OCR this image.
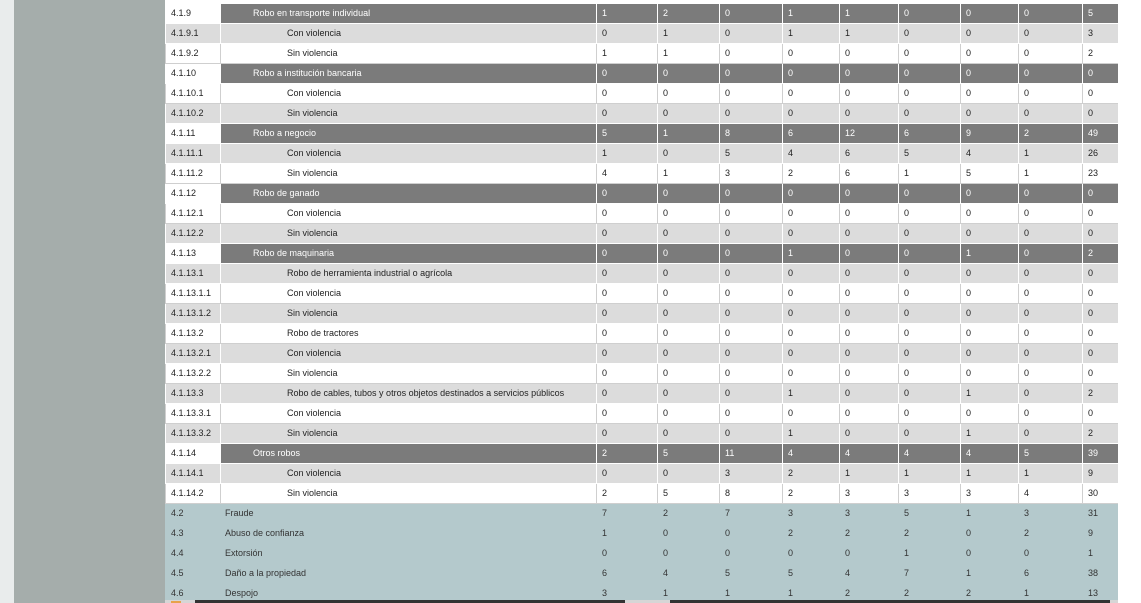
4.1.9	Robo en transporte individual	1	2	0	1	1	0	0	0	5
4.1.9.1	Con violencia	0	1	0	1	1	0	0	0	3
4.1.9.2	Sin violencia	1	1	0	0	0	0	0	0	2
4.1.10	Robo a institución bancaria	0	0	0	0	0	0	0	0	0
4.1.10.1	Con violencia	0	0	0	0	0	0	0	0	0
4.1.10.2	Sin violencia	0	0	0	0	0	0	0	0	0
4.1.11	Robo a negocio	5	1	8	6	12	6	9	2	49
4.1.11.1	Con violencia	1	0	5	4	6	5	4	1	26
4.1.11.2	Sin violencia	4	1	3	2	6	1	5	1	23
4.1.12	Robo de ganado	0	0	0	0	0	0	0	0	0
4.1.12.1	Con violencia	0	0	0	0	0	0	0	0	0
4.1.12.2	Sin violencia	0	0	0	0	0	0	0	0	0
4.1.13	Robo de maquinaria	0	0	0	1	0	0	1	0	2
4.1.13.1	Robo de herramienta industrial o agrícola	0	0	0	0	0	0	0	0	0
4.1.13.1.1	Con violencia	0	0	0	0	0	0	0	0	0
4.1.13.1.2	Sin violencia	0	0	0	0	0	0	0	0	0
4.1.13.2	Robo de tractores	0	0	0	0	0	0	0	0	0
4.1.13.2.1	Con violencia	0	0	0	0	0	0	0	0	0
4.1.13.2.2	Sin violencia	0	0	0	0	0	0	0	0	0
4.1.13.3	Robo de cables, tubos y otros objetos destinados a servicios públicos	0	0	0	1	0	0	1	0	2
4.1.13.3.1	Con violencia	0	0	0	0	0	0	0	0	0
4.1.13.3.2	Sin violencia	0	0	0	1	0	0	1	0	2
4.1.14	Otros robos	2	5	11	4	4	4	4	5	39
4.1.14.1	Con violencia	0	0	3	2	1	1	1	1	9
4.1.14.2	Sin violencia	2	5	8	2	3	3	3	4	30
4.2	Fraude	7	2	7	3	3	5	1	3	31
4.3	Abuso de confianza	1	0	0	2	2	2	0	2	9
4.4	Extorsión	0	0	0	0	0	1	0	0	1
4.5	Daño a la propiedad	6	4	5	5	4	7	1	6	38
4.6	Despojo	3	1	1	1	2	2	2	1	13
